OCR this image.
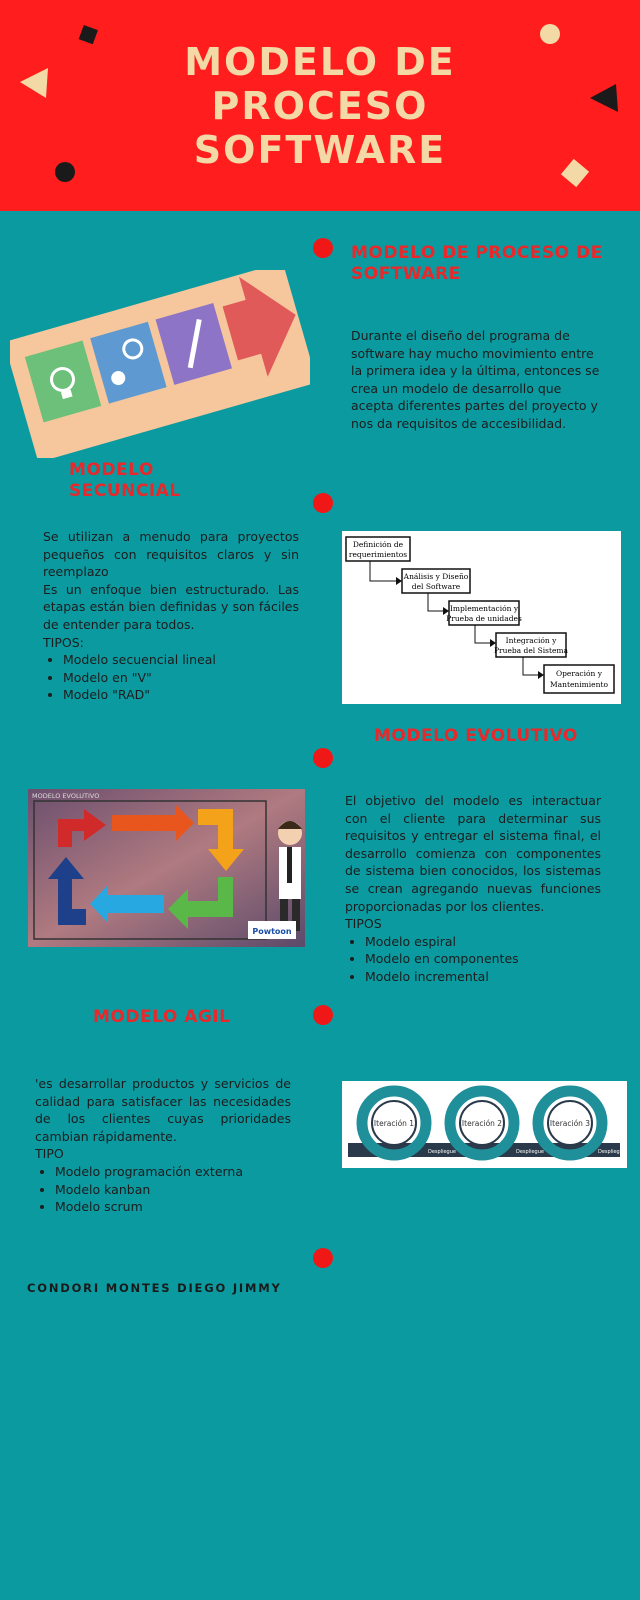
MODELO DE
PROCESO
SOFTWARE
MODELO DE PROCESO DE SOFTWARE
Durante el diseño del programa de software hay mucho movimiento entre la primera idea y la última, entonces se crea un modelo de desarrollo que acepta diferentes partes del proyecto y nos da requisitos de accesibilidad.
MODELO SECUNCIAL

Se utilizan a menudo para proyectos pequeños con requisitos claros y sin reemplazo

Es un enfoque bien estructurado. Las etapas están bien definidas y son fáciles de entender para todos.

TIPOS:

• Modelo secuencial lineal
• Modelo en "V"
• Modelo "RAD"
Definición de
requerimientos
Análisis y Diseño
del Software
Implementación y
Prueba de unidades
Integración y
Prueba del Sistema
Operación y
Mantenimiento
MODELO EVOLUTIVO
MODELO EVOLUTIVO
Powtoon

El objetivo del modelo es interactuar con el cliente para determinar sus requisitos y entregar el sistema final, el desarrollo comienza con componentes de sistema bien conocidos, los sistemas se crean agregando nuevas funciones proporcionadas por los clientes.

TIPOS

• Modelo espiral
• Modelo en componentes
• Modelo incremental
MODELO AGIL

'es desarrollar productos y servicios de calidad para satisfacer las necesidades de los clientes cuyas prioridades cambian rápidamente.

TIPO

• Modelo programación externa
• Modelo kanban
• Modelo scrum
Iteración 1	Iteración 2	Iteración 3
Despliegue	Despliegue	Despliegue
CONDORI MONTES DIEGO JIMMY
